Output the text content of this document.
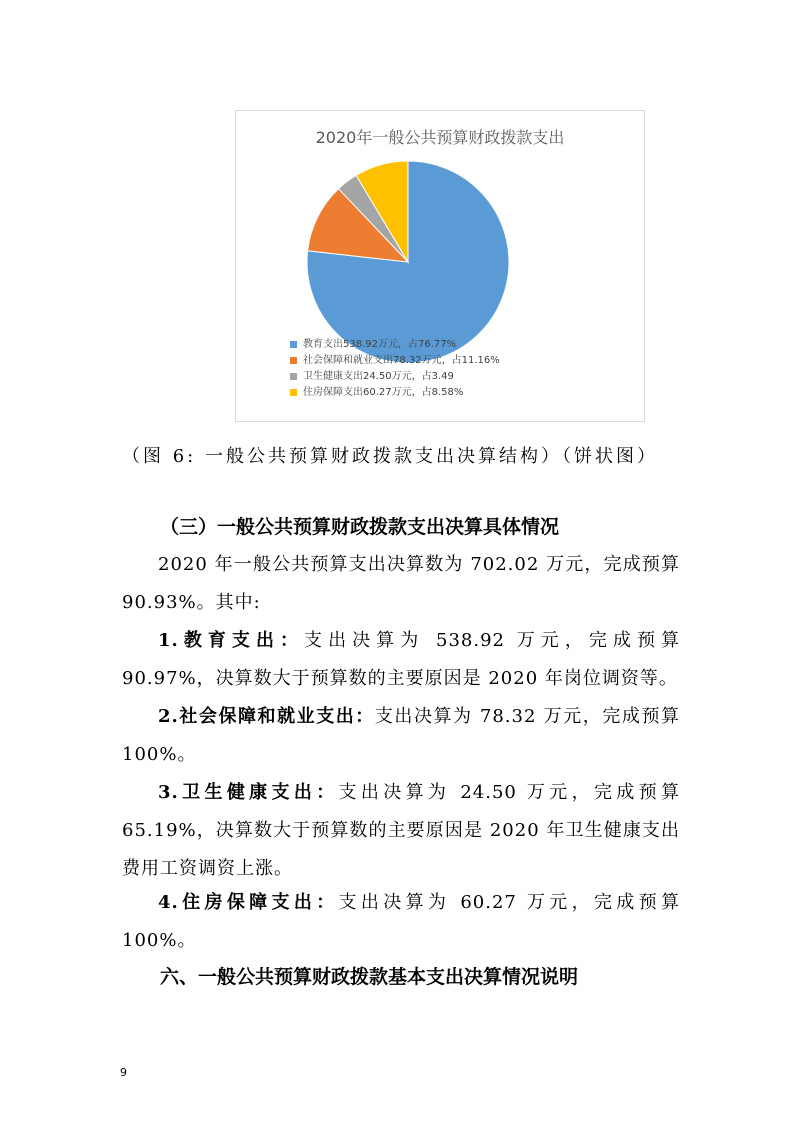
2020年一般公共预算财政拨款支出
教育支出538.92万元，占76.77%
社会保障和就业支出78.32万元，占11.16%
卫生健康支出24.50万元，占3.49
住房保障支出60.27万元，占8.58%
（图 6: 一般公共预算财政拨款支出决算结构）（饼状图）
（三）一般公共预算财政拨款支出决算具体情况
2020 年一般公共预算支出决算数为 702.02 万元，完成预算 90.93%。其中:
1.教育支出：支出决算为 538.92 万元，完成预算 90.97%，决算数大于预算数的主要原因是 2020 年岗位调资等。
2.社会保障和就业支出：支出决算为 78.32 万元，完成预算 100%。
3.卫生健康支出：支出决算为 24.50 万元，完成预算 65.19%，决算数大于预算数的主要原因是 2020 年卫生健康支出费用工资调资上涨。
4.住房保障支出：支出决算为 60.27 万元，完成预算 100%。
六、一般公共预算财政拨款基本支出决算情况说明
9
